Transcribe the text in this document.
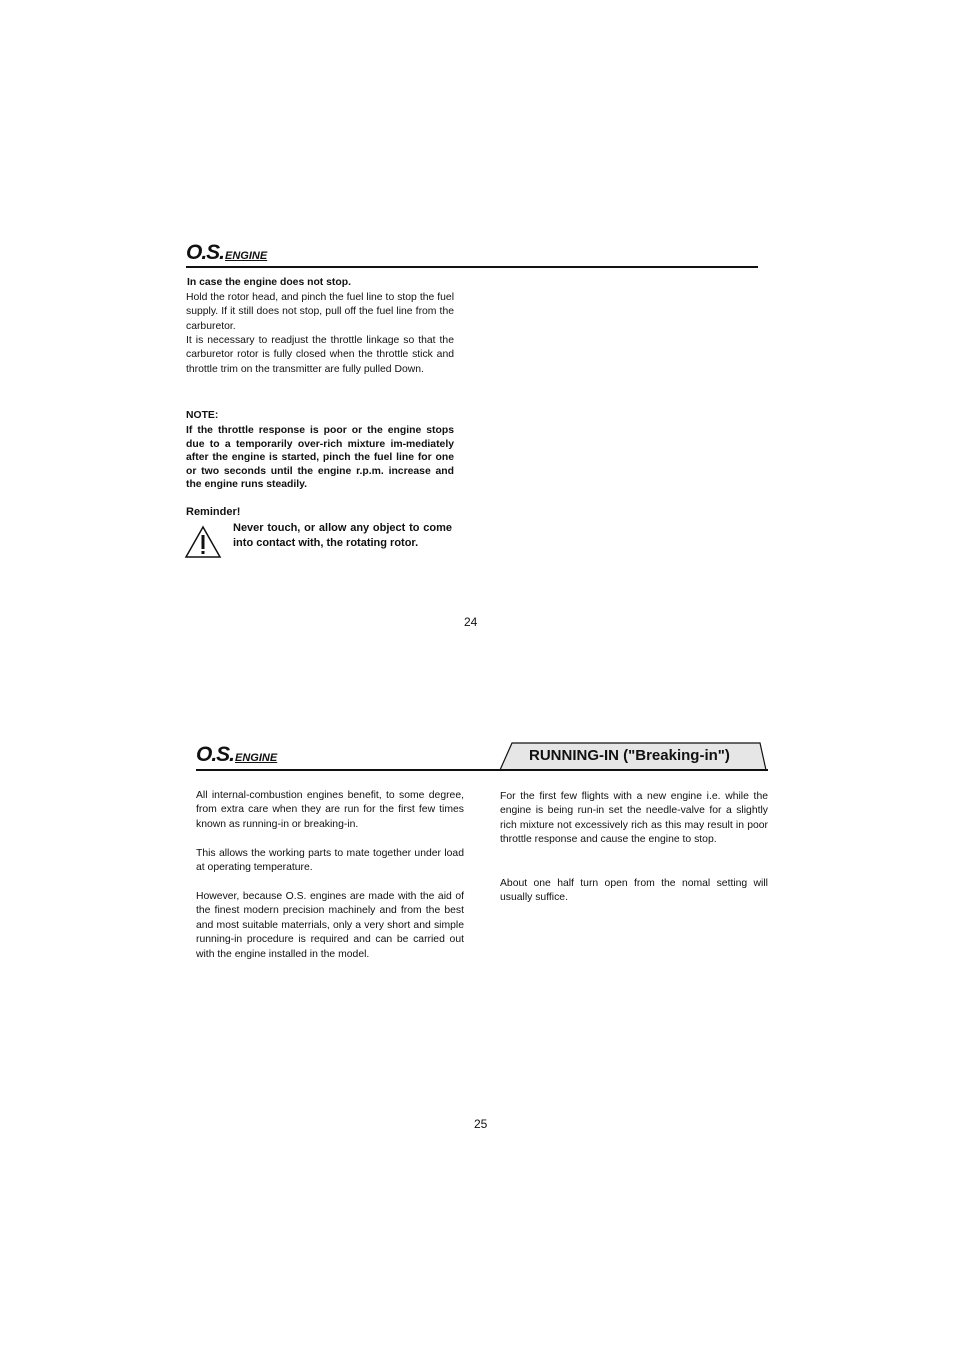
O.S.ENGINE
In case the engine does not stop.
Hold the rotor head, and pinch the fuel line to stop the fuel supply. If it still does not stop, pull off the fuel line from the carburetor.
It is necessary to readjust the throttle linkage so that the carburetor rotor is fully closed when the throttle stick and throttle trim on the transmitter are fully pulled Down.
NOTE:
If the throttle response is poor or the engine stops due to a temporarily over-rich mixture im-mediately after the engine is started, pinch the fuel line for one or two seconds until the engine r.p.m. increase and the engine runs steadily.
Reminder!
Never touch, or allow any object to come into contact with, the rotating rotor.
24
O.S.ENGINE	RUNNING-IN ("Breaking-in")
All internal-combustion engines benefit, to some degree, from extra care when they are run for the first few times known as running-in or breaking-in.
This allows the working parts to mate together under load at operating temperature.
However, because O.S. engines are made with the aid of the finest modern precision machinely and from the best and most suitable materrials, only a very short and simple running-in procedure is required and can be carried out with the engine installed in the model.
For the first few flights with a new engine i.e. while the engine is being run-in set the needle-valve for a slightly rich mixture not excessively rich as this may result in poor throttle response and cause the engine to stop.
About one half turn open from the nomal setting will usually suffice.
25
